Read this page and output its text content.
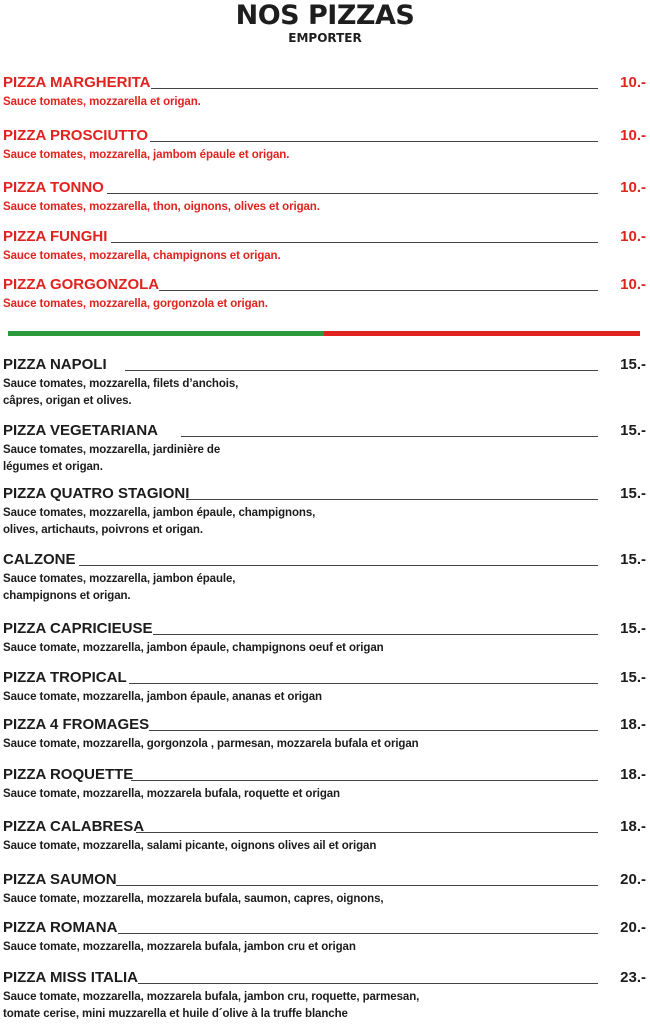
NOS PIZZAS
EMPORTER
PIZZA MARGHERITA	10.-
Sauce tomates, mozzarella et origan.
PIZZA PROSCIUTTO	10.-
Sauce tomates, mozzarella, jambom épaule et origan.
PIZZA TONNO	10.-
Sauce tomates, mozzarella, thon, oignons, olives et origan.
PIZZA FUNGHI	10.-
Sauce tomates, mozzarella, champignons et origan.
PIZZA GORGONZOLA	10.-
Sauce tomates, mozzarella, gorgonzola et origan.
PIZZA NAPOLI	15.-
Sauce tomates, mozzarella, filets d’anchois,
câpres, origan et olives.
PIZZA VEGETARIANA	15.-
Sauce tomates, mozzarella, jardinière de
légumes et origan.
PIZZA QUATRO STAGIONI	15.-
Sauce tomates, mozzarella, jambon épaule, champignons,
olives, artichauts, poivrons et origan.
CALZONE	15.-
Sauce tomates, mozzarella, jambon épaule,
champignons et origan.
PIZZA CAPRICIEUSE	15.-
Sauce tomate, mozzarella, jambon épaule, champignons oeuf et origan
PIZZA TROPICAL	15.-
Sauce tomate, mozzarella, jambon épaule, ananas et origan
PIZZA 4 FROMAGES	18.-
Sauce tomate, mozzarella, gorgonzola , parmesan, mozzarela bufala et origan
PIZZA ROQUETTE	18.-
Sauce tomate, mozzarella, mozzarela bufala, roquette et origan
PIZZA CALABRESA	18.-
Sauce tomate, mozzarella, salami picante, oignons olives ail et origan
PIZZA SAUMON	20.-
Sauce tomate, mozzarella, mozzarela bufala, saumon, capres, oignons,
PIZZA ROMANA	20.-
Sauce tomate, mozzarella, mozzarela bufala, jambon cru et origan
PIZZA MISS ITALIA	23.-
Sauce tomate, mozzarella, mozzarela bufala, jambon cru, roquette, parmesan,
tomate cerise, mini muzzarella et huile d´olive à la truffe blanche
